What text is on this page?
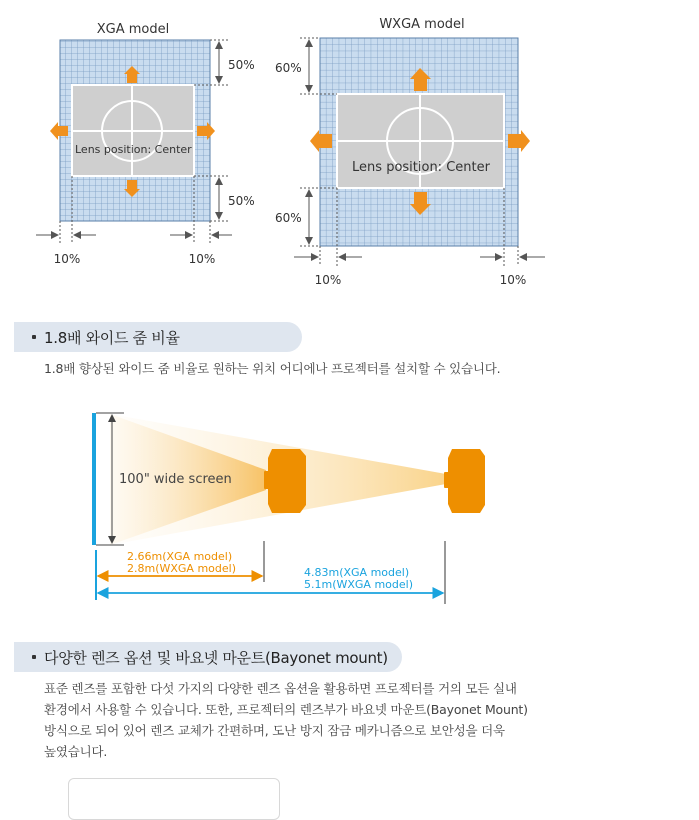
XGA model
Lens position: Center
50%
50%
10%	10%
WXGA model
Lens position: Center
60%
60%
10%	10%
1.8배 와이드 줌 비율

1.8배 향상된 와이드 줌 비율로 원하는 위치 어디에나 프로젝터를 설치할 수 있습니다.

100" wide screen
2.66m(XGA model)
2.8m(WXGA model)	4.83m(XGA model)
5.1m(WXGA model)
다양한 렌즈 옵션 및 바요넷 마운트(Bayonet mount)

표준 렌즈를 포함한 다섯 가지의 다양한 렌즈 옵션을 활용하면 프로젝터를 거의 모든 실내

환경에서 사용할 수 있습니다. 또한, 프로젝터의 렌즈부가 바요넷 마운트(Bayonet Mount)

방식으로 되어 있어 렌즈 교체가 간편하며, 도난 방지 잠금 메카니즘으로 보안성을 더욱

높였습니다.
